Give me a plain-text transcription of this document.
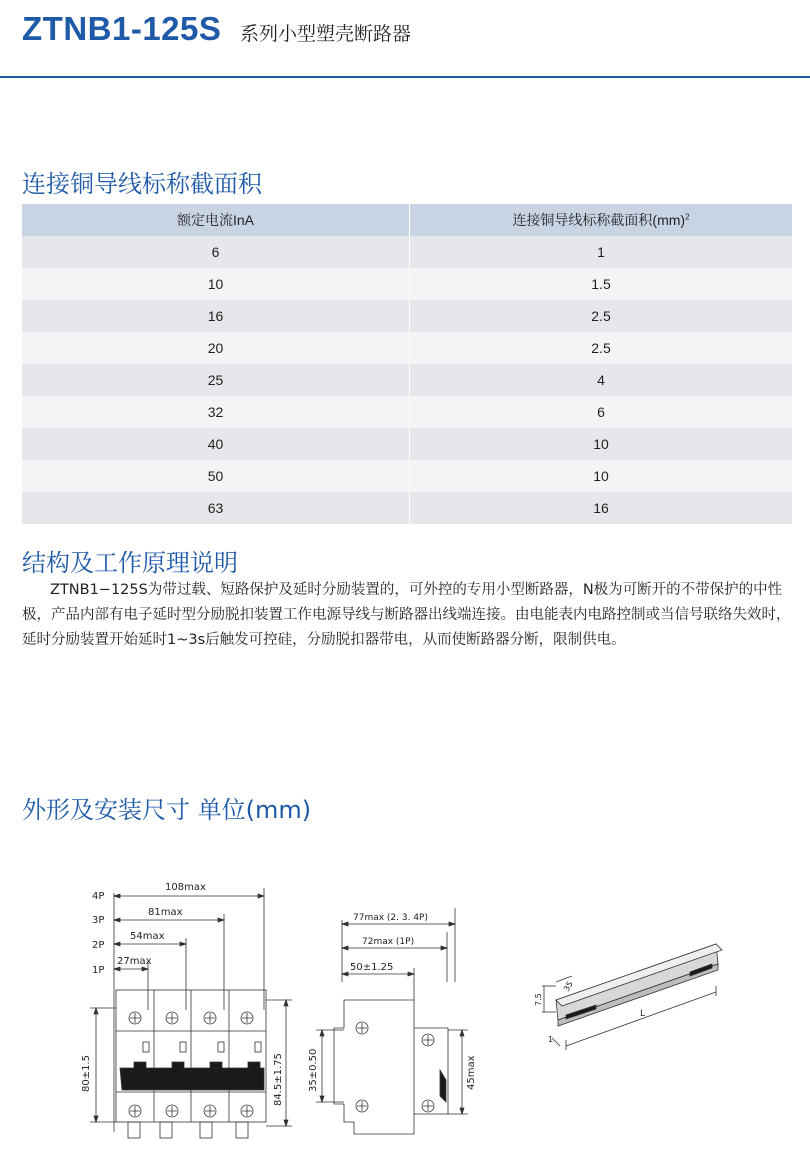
ZTNB1-125S 系列小型塑壳断路器
连接铜导线标称截面积
额定电流InA	连接铜导线标称截面积(mm)$^2$
6	1
10	1.5
16	2.5
20	2.5
25	4
32	6
40	10
50	10
63	16
结构及工作原理说明

ZTNB1−125S为带过载、短路保护及延时分励装置的，可外控的专用小型断路器，N极为可断开的不带保护的中性极，产品内部有电子延时型分励脱扣装置工作电源导线与断路器出线端连接。由电能表内电路控制或当信号联络失效时，延时分励装置开始延时1~3s后触发可控硅，分励脱扣器带电，从而使断路器分断，限制供电。

外形及安装尺寸 单位(mm)
4P
3P
2P
1P
108max
81max
54max
27max
80±1.5	84.5±1.75
77max (2. 3. 4P)
72max (1P)
50±1.25
35±0.50	45max
35
7.5
L
1
